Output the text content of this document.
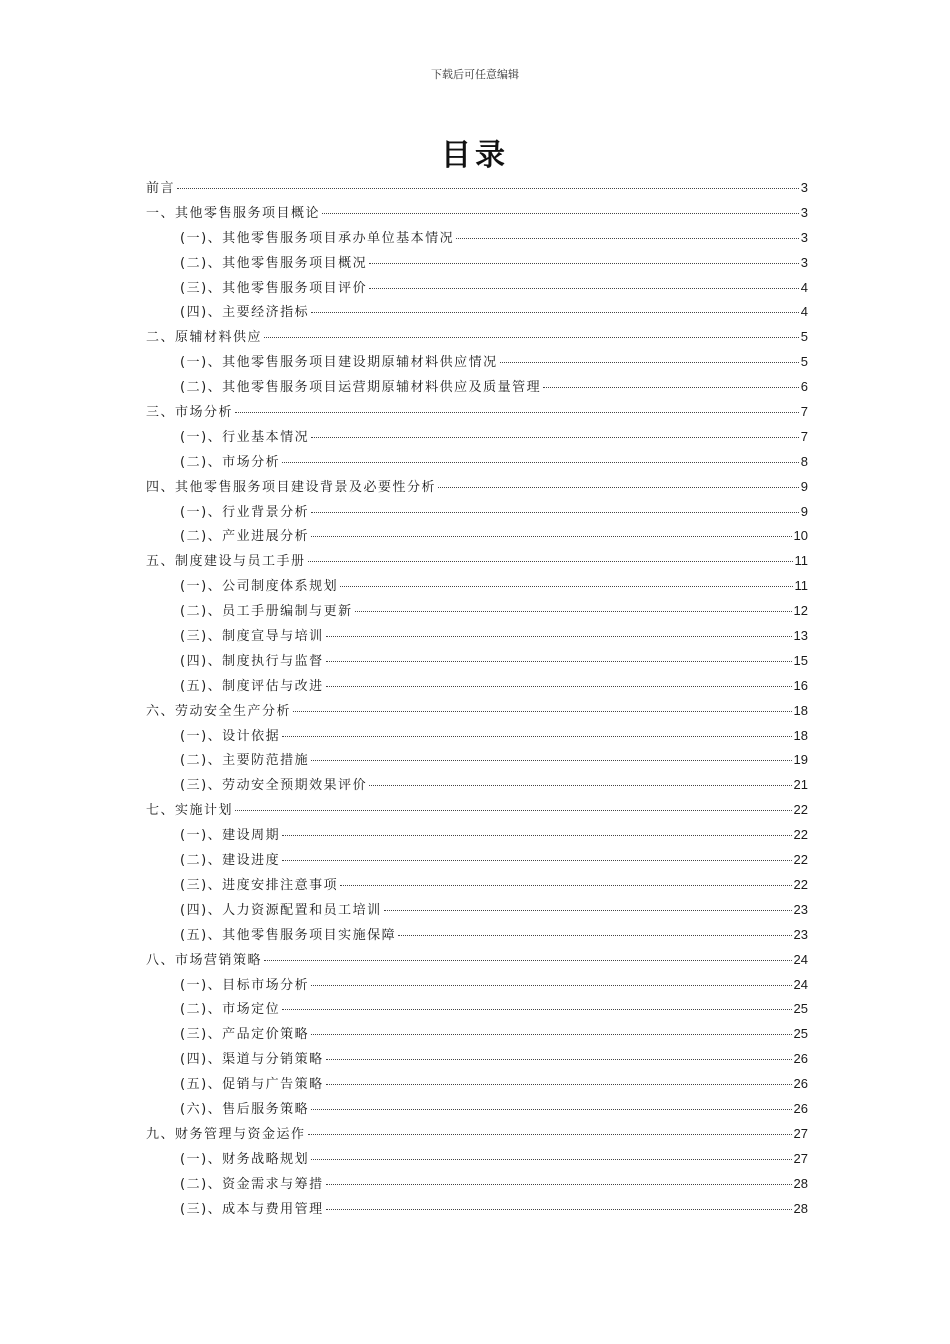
下载后可任意编辑
目录
前言	3
一、其他零售服务项目概论	3
(一)、其他零售服务项目承办单位基本情况	3
(二)、其他零售服务项目概况	3
(三)、其他零售服务项目评价	4
(四)、主要经济指标	4
二、原辅材料供应	5
(一)、其他零售服务项目建设期原辅材料供应情况	5
(二)、其他零售服务项目运营期原辅材料供应及质量管理	6
三、市场分析	7
(一)、行业基本情况	7
(二)、市场分析	8
四、其他零售服务项目建设背景及必要性分析	9
(一)、行业背景分析	9
(二)、产业进展分析	10
五、制度建设与员工手册	11
(一)、公司制度体系规划	11
(二)、员工手册编制与更新	12
(三)、制度宣导与培训	13
(四)、制度执行与监督	15
(五)、制度评估与改进	16
六、劳动安全生产分析	18
(一)、设计依据	18
(二)、主要防范措施	19
(三)、劳动安全预期效果评价	21
七、实施计划	22
(一)、建设周期	22
(二)、建设进度	22
(三)、进度安排注意事项	22
(四)、人力资源配置和员工培训	23
(五)、其他零售服务项目实施保障	23
八、市场营销策略	24
(一)、目标市场分析	24
(二)、市场定位	25
(三)、产品定价策略	25
(四)、渠道与分销策略	26
(五)、促销与广告策略	26
(六)、售后服务策略	26
九、财务管理与资金运作	27
(一)、财务战略规划	27
(二)、资金需求与筹措	28
(三)、成本与费用管理	28
